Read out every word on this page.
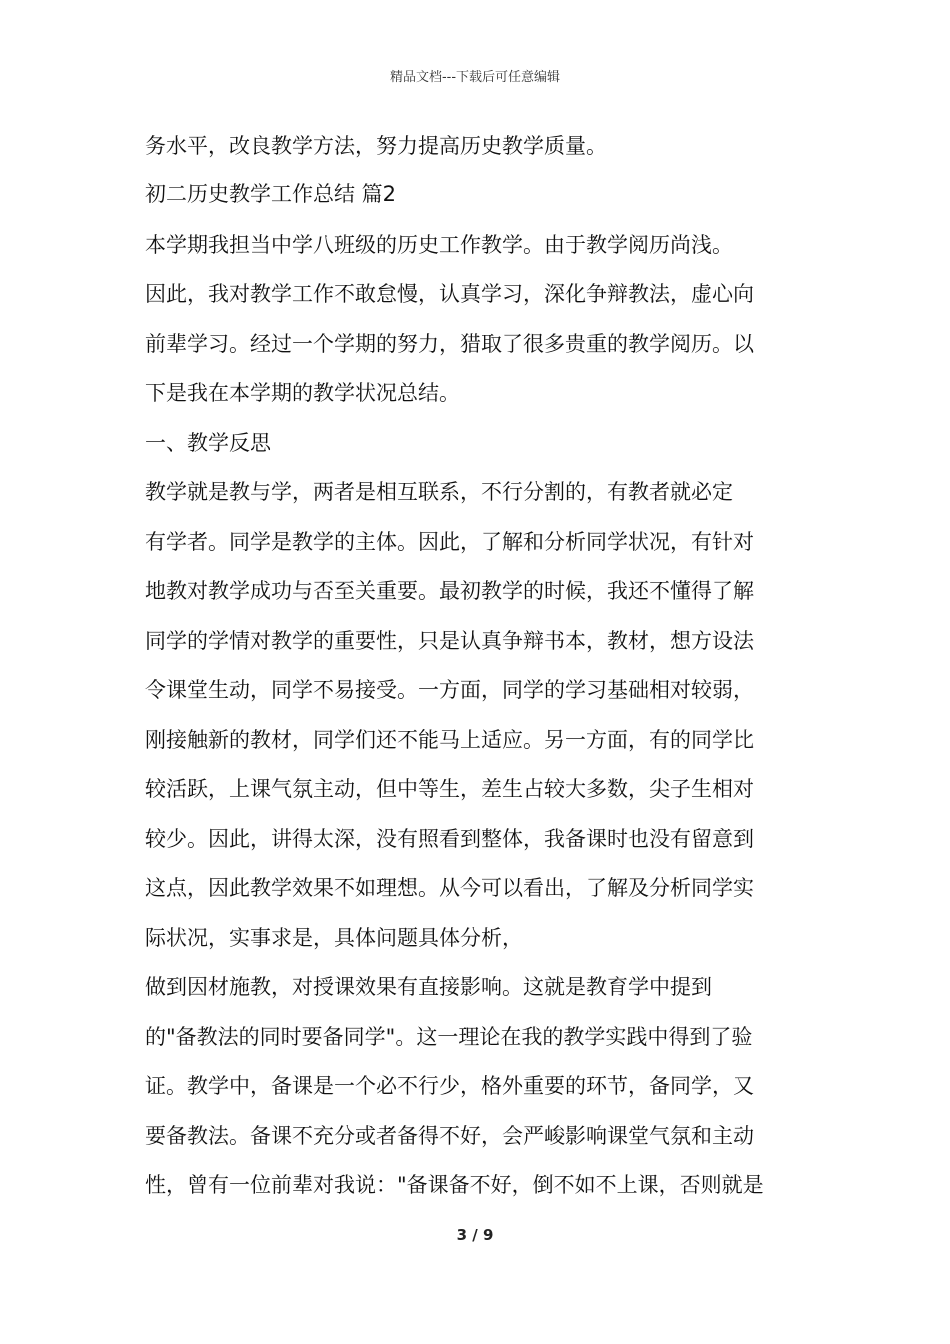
精品文档---下载后可任意编辑
务水平，改良教学方法，努力提高历史教学质量。
初二历史教学工作总结 篇2
本学期我担当中学八班级的历史工作教学。由于教学阅历尚浅。
因此，我对教学工作不敢怠慢，认真学习，深化争辩教法，虚心向
前辈学习。经过一个学期的努力，猎取了很多贵重的教学阅历。以
下是我在本学期的教学状况总结。
一、教学反思
教学就是教与学，两者是相互联系，不行分割的，有教者就必定
有学者。同学是教学的主体。因此，了解和分析同学状况，有针对
地教对教学成功与否至关重要。最初教学的时候，我还不懂得了解
同学的学情对教学的重要性，只是认真争辩书本，教材，想方设法
令课堂生动，同学不易接受。一方面，同学的学习基础相对较弱，
刚接触新的教材，同学们还不能马上适应。另一方面，有的同学比
较活跃，上课气氛主动，但中等生，差生占较大多数，尖子生相对
较少。因此，讲得太深，没有照看到整体，我备课时也没有留意到
这点，因此教学效果不如理想。从今可以看出，了解及分析同学实
际状况，实事求是，具体问题具体分析，
做到因材施教，对授课效果有直接影响。这就是教育学中提到
的"备教法的同时要备同学"。这一理论在我的教学实践中得到了验
证。教学中，备课是一个必不行少，格外重要的环节，备同学，又
要备教法。备课不充分或者备得不好，会严峻影响课堂气氛和主动
性，曾有一位前辈对我说："备课备不好，倒不如不上课，否则就是
3 / 9
